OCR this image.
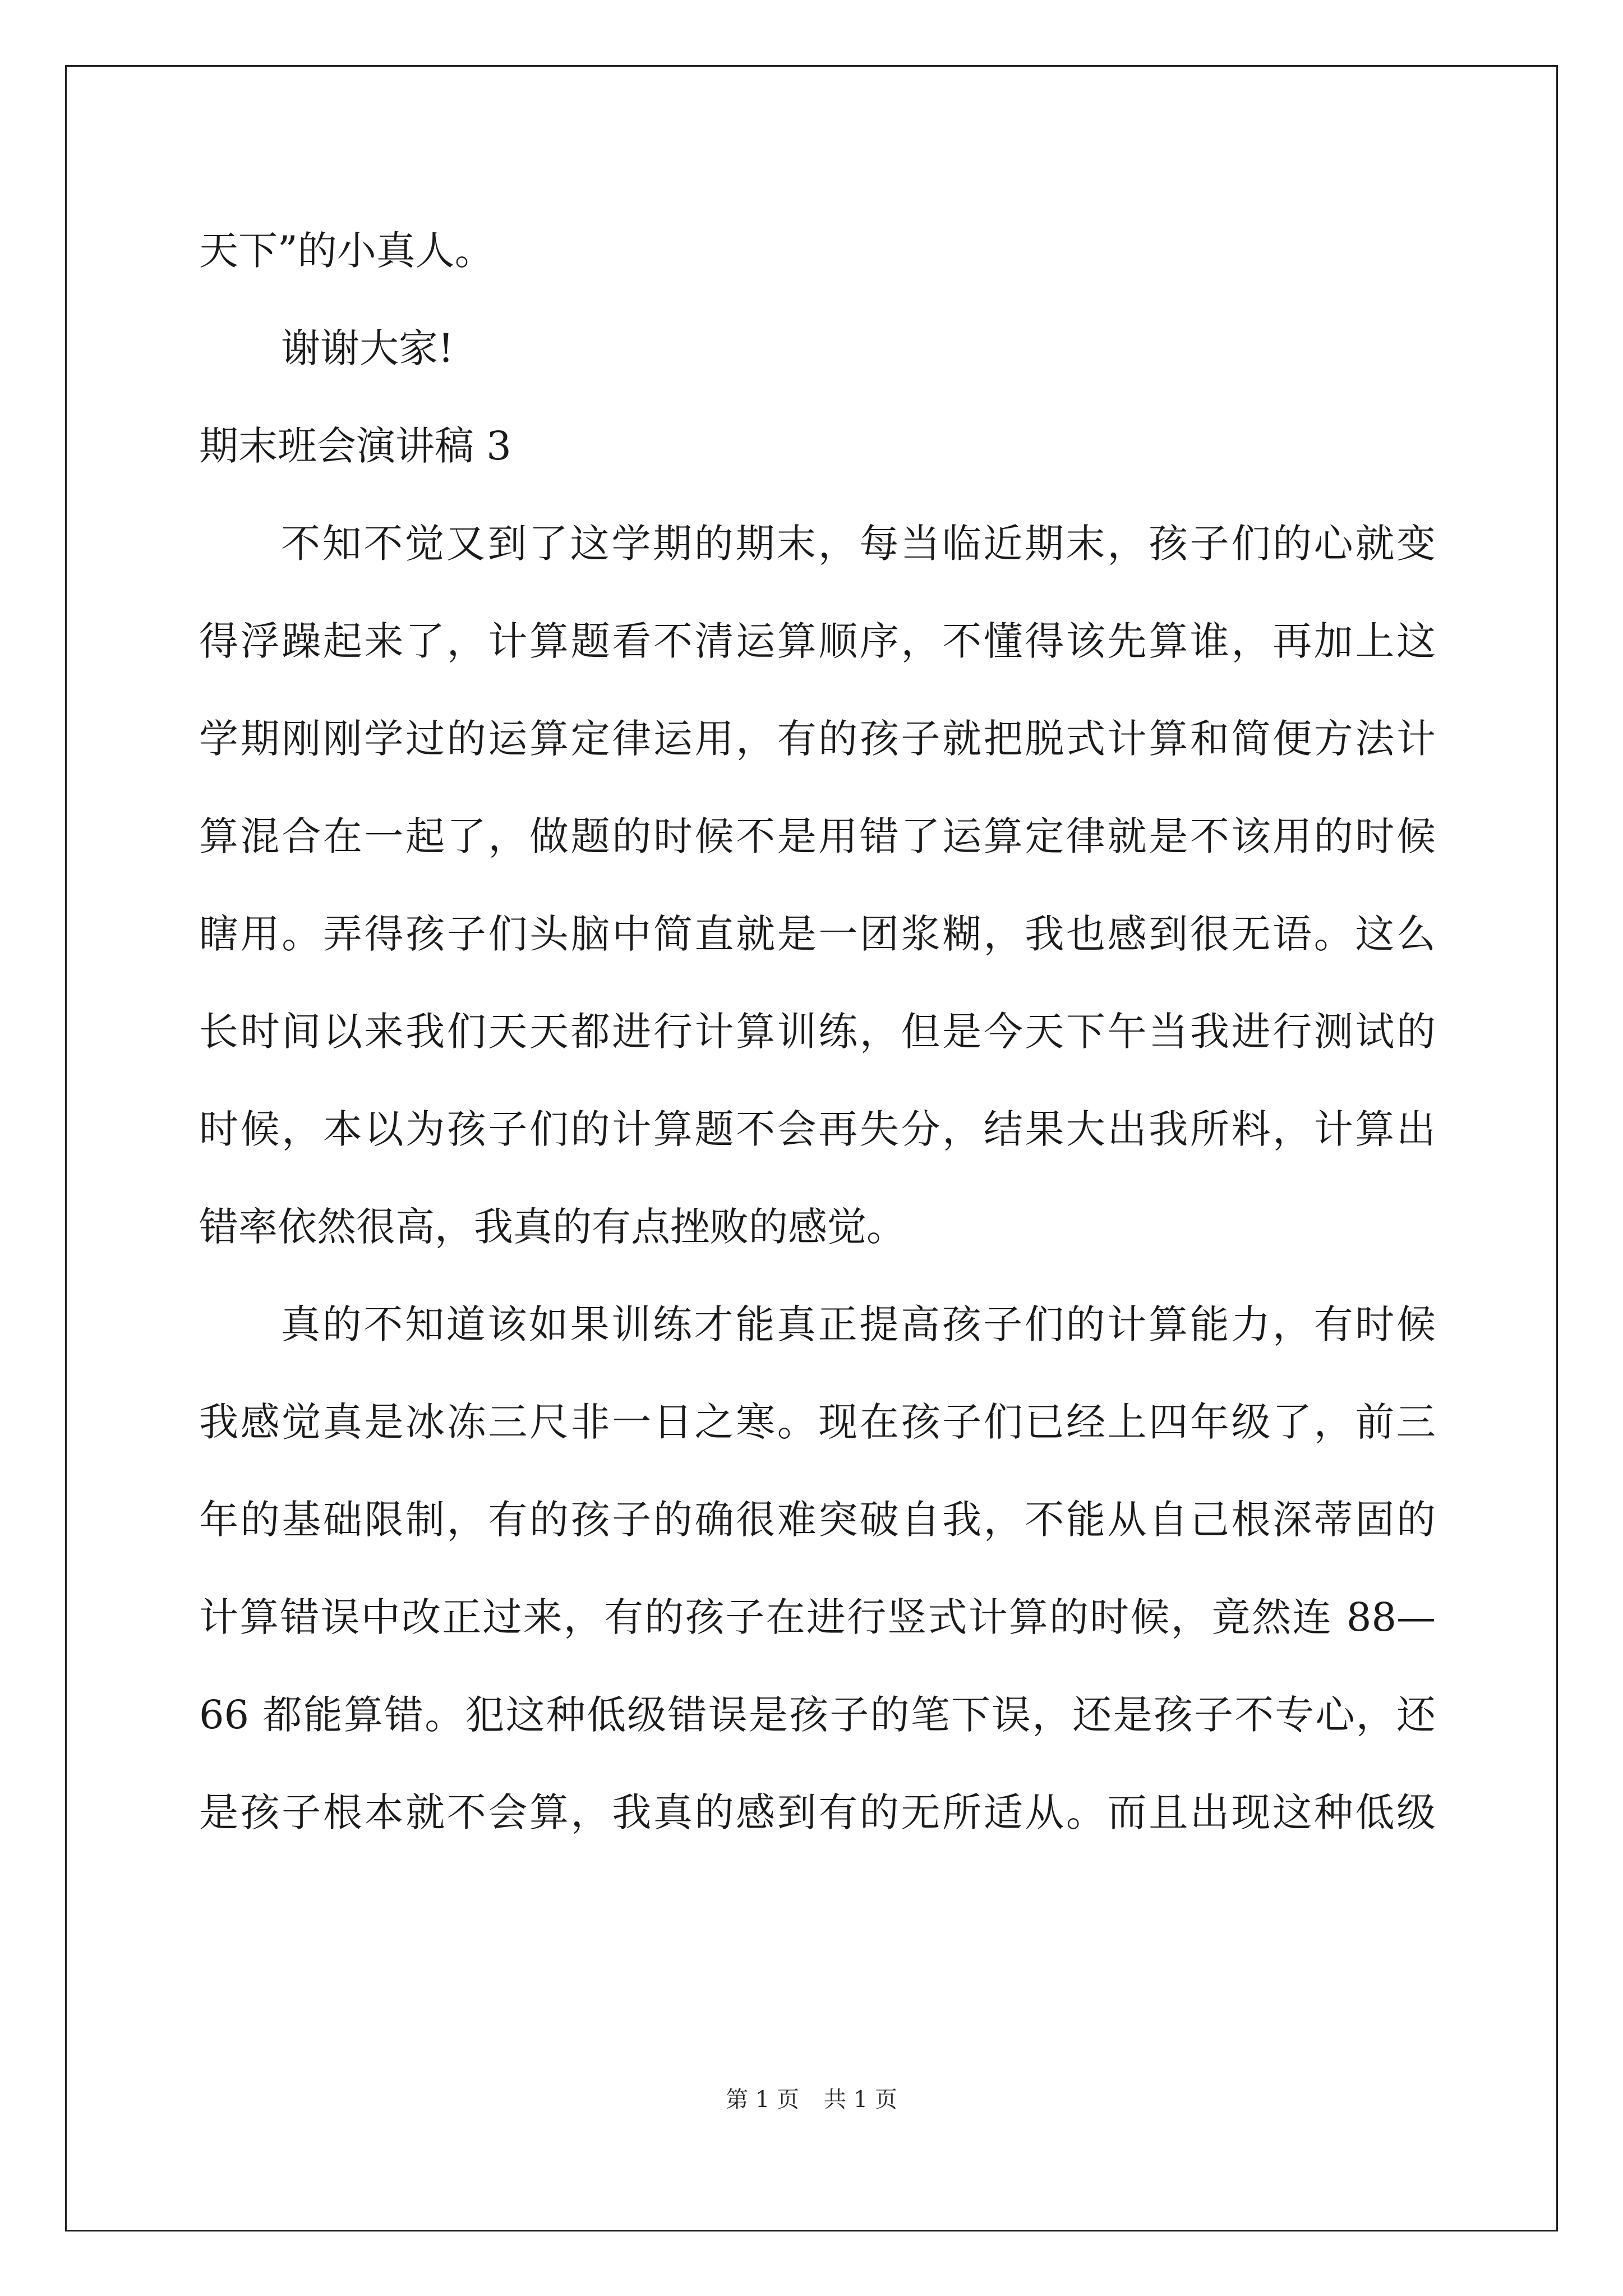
天下”的小真人。
谢谢大家!
期末班会演讲稿 3
不知不觉又到了这学期的期末，每当临近期末，孩子们的心就变
得浮躁起来了，计算题看不清运算顺序，不懂得该先算谁，再加上这
学期刚刚学过的运算定律运用，有的孩子就把脱式计算和简便方法计
算混合在一起了，做题的时候不是用错了运算定律就是不该用的时候
瞎用。弄得孩子们头脑中简直就是一团浆糊，我也感到很无语。这么
长时间以来我们天天都进行计算训练，但是今天下午当我进行测试的
时候，本以为孩子们的计算题不会再失分，结果大出我所料，计算出
错率依然很高，我真的有点挫败的感觉。
真的不知道该如果训练才能真正提高孩子们的计算能力，有时候
我感觉真是冰冻三尺非一日之寒。现在孩子们已经上四年级了，前三
年的基础限制，有的孩子的确很难突破自我，不能从自己根深蒂固的
计算错误中改正过来，有的孩子在进行竖式计算的时候，竟然连 88—
66 都能算错。犯这种低级错误是孩子的笔下误，还是孩子不专心，还
是孩子根本就不会算，我真的感到有的无所适从。而且出现这种低级
第 1 页 共 1 页
